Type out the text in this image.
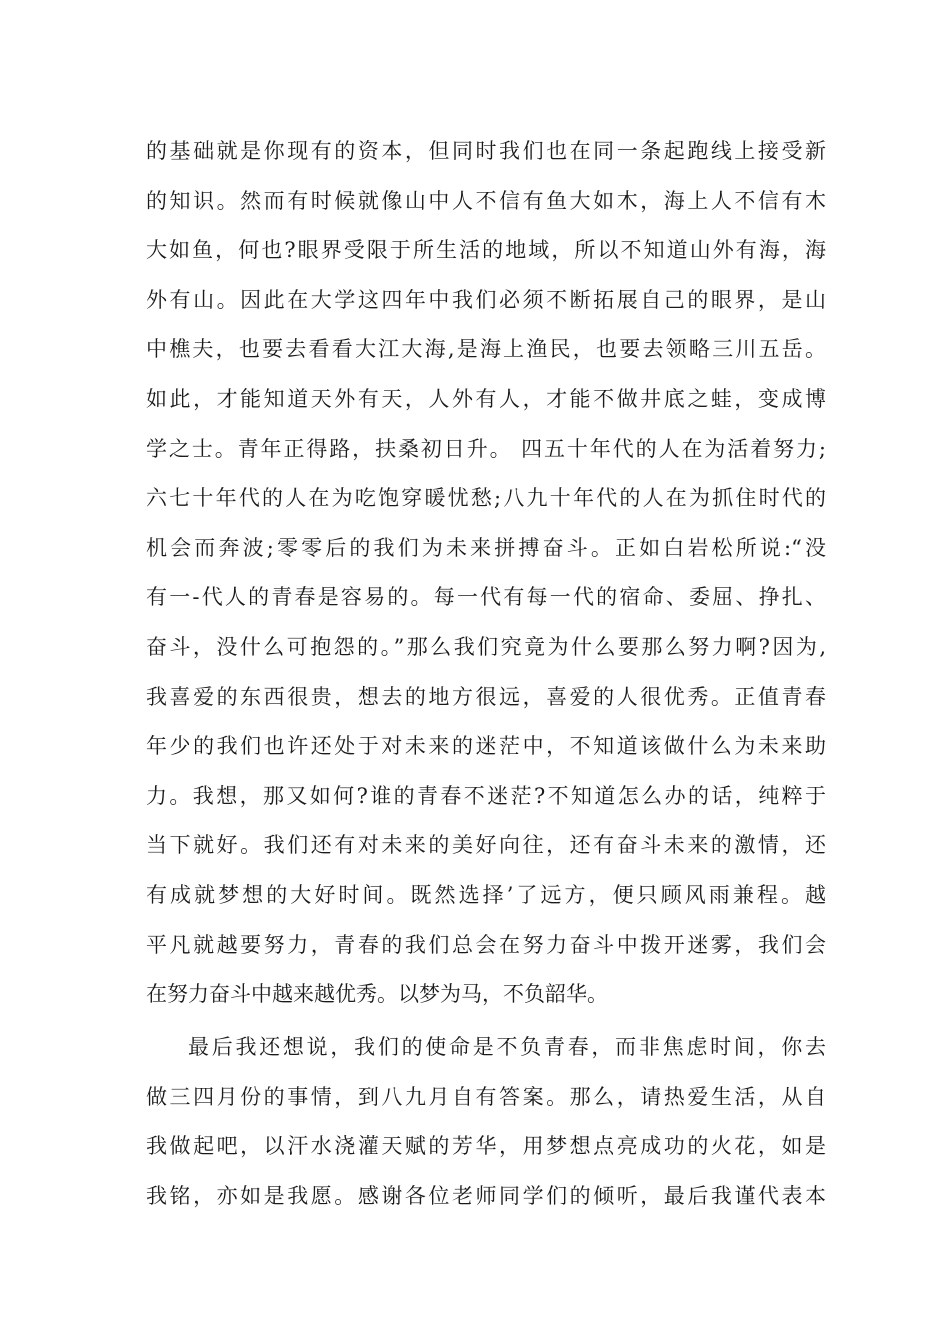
的基础就是你现有的资本，但同时我们也在同一条起跑线上接受新
的知识。然而有时候就像山中人不信有鱼大如木，海上人不信有木
大如鱼，何也?眼界受限于所生活的地域，所以不知道山外有海，海
外有山。因此在大学这四年中我们必须不断拓展自己的眼界，是山
中樵夫，也要去看看大江大海,是海上渔民，也要去领略三川五岳。
如此，才能知道天外有天，人外有人，才能不做井底之蛙，变成博
学之士。青年正得路，扶桑初日升。 四五十年代的人在为活着努力;
六七十年代的人在为吃饱穿暖忧愁;八九十年代的人在为抓住时代的
机会而奔波;零零后的我们为未来拼搏奋斗。正如白岩松所说:“没
有一-代人的青春是容易的。每一代有每一代的宿命、委屈、挣扎、
奋斗，没什么可抱怨的。”那么我们究竟为什么要那么努力啊?因为,
我喜爱的东西很贵，想去的地方很远，喜爱的人很优秀。正值青春
年少的我们也许还处于对未来的迷茫中，不知道该做什么为未来助
力。我想，那又如何?谁的青春不迷茫?不知道怎么办的话，纯粹于
当下就好。我们还有对未来的美好向往，还有奋斗未来的激情，还
有成就梦想的大好时间。既然选择’了远方，便只顾风雨兼程。越
平凡就越要努力，青春的我们总会在努力奋斗中拨开迷雾，我们会
在努力奋斗中越来越优秀。以梦为马，不负韶华。
最后我还想说，我们的使命是不负青春，而非焦虑时间，你去
做三四月份的事情，到八九月自有答案。那么，请热爱生活，从自
我做起吧，以汗水浇灌天赋的芳华，用梦想点亮成功的火花，如是
我铭，亦如是我愿。感谢各位老师同学们的倾听，最后我谨代表本
